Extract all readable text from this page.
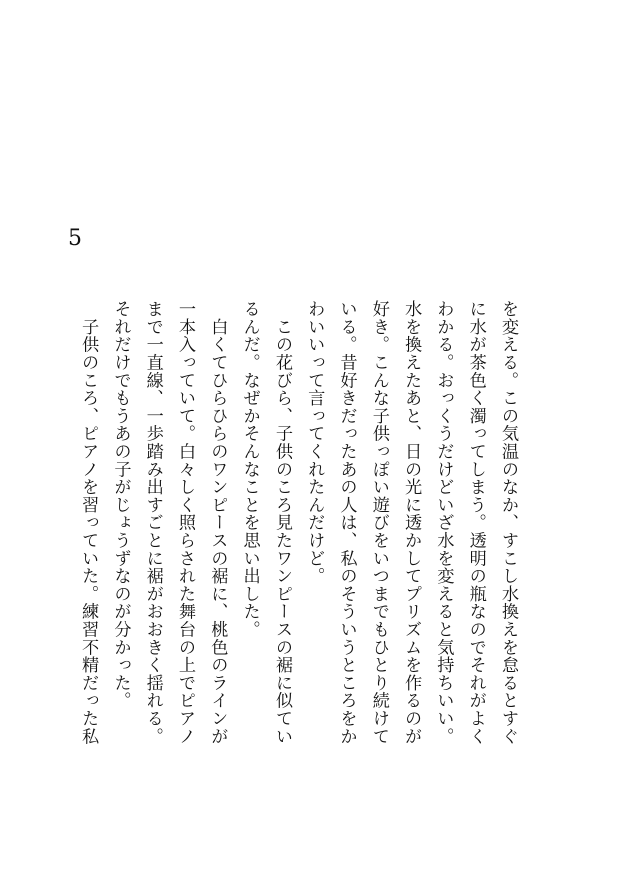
5

を変える。この気温のなか、すこし水換えを怠るとすぐ
に水が茶色く濁ってしまう。透明の瓶なのでそれがよく
わかる。おっくうだけどいざ水を変えると気持ちいい。
水を換えたあと、日の光に透かしてプリズムを作るのが
好き。こんな子供っぽい遊びをいつまでもひとり続けて
いる。昔好きだったあの人は、私のそういうところをか
わいいって言ってくれたんだけど。

　この花びら、子供のころ見たワンピースの裾に似てい
るんだ。なぜかそんなことを思い出した。

　白くてひらひらのワンピースの裾に、桃色のラインが
一本入っていて。白々しく照らされた舞台の上でピアノ
まで一直線、一歩踏み出すごとに裾がおおきく揺れる。
それだけでもうあの子がじょうずなのが分かった。

　子供のころ、ピアノを習っていた。練習不精だった私
